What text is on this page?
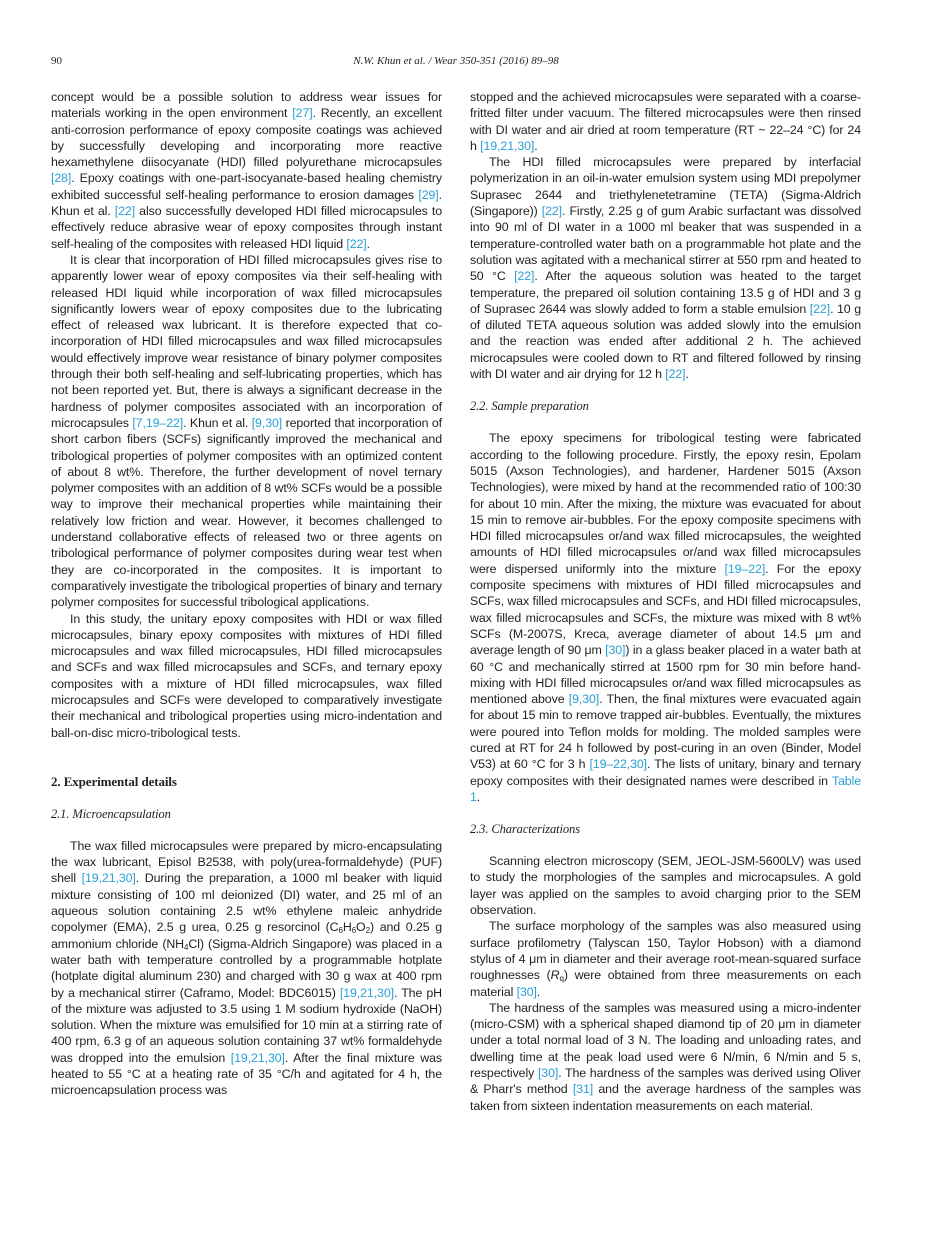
90	N.W. Khun et al. / Wear 350-351 (2016) 89–98

concept would be a possible solution to address wear issues for materials working in the open environment [27]. Recently, an excellent anti-corrosion performance of epoxy composite coatings was achieved by successfully developing and incorporating more reactive hexamethylene diisocyanate (HDI) filled polyurethane microcapsules [28]. Epoxy coatings with one-part-isocyanate-based healing chemistry exhibited successful self-healing performance to erosion damages [29]. Khun et al. [22] also successfully developed HDI filled microcapsules to effectively reduce abrasive wear of epoxy composites through instant self-healing of the composites with released HDI liquid [22].

It is clear that incorporation of HDI filled microcapsules gives rise to apparently lower wear of epoxy composites via their self-healing with released HDI liquid while incorporation of wax filled microcapsules significantly lowers wear of epoxy composites due to the lubricating effect of released wax lubricant. It is therefore expected that co-incorporation of HDI filled microcapsules and wax filled microcapsules would effectively improve wear resistance of binary polymer composites through their both self-healing and self-lubricating properties, which has not been reported yet. But, there is always a significant decrease in the hardness of polymer composites associated with an incorporation of microcapsules [7,19–22]. Khun et al. [9,30] reported that incorporation of short carbon fibers (SCFs) significantly improved the mechanical and tribological properties of polymer composites with an optimized content of about 8 wt%. Therefore, the further development of novel ternary polymer composites with an addition of 8 wt% SCFs would be a possible way to improve their mechanical properties while maintaining their relatively low friction and wear. However, it becomes challenged to understand collaborative effects of released two or three agents on tribological performance of polymer composites during wear test when they are co-incorporated in the composites. It is important to comparatively investigate the tribological properties of binary and ternary polymer composites for successful tribological applications.

In this study, the unitary epoxy composites with HDI or wax filled microcapsules, binary epoxy composites with mixtures of HDI filled microcapsules and wax filled microcapsules, HDI filled microcapsules and SCFs and wax filled microcapsules and SCFs, and ternary epoxy composites with a mixture of HDI filled microcapsules, wax filled microcapsules and SCFs were developed to comparatively investigate their mechanical and tribological properties using micro-indentation and ball-on-disc micro-tribological tests.

2. Experimental details
2.1. Microencapsulation

The wax filled microcapsules were prepared by micro-encapsulating the wax lubricant, Episol B2538, with poly(urea-formaldehyde) (PUF) shell [19,21,30]. During the preparation, a 1000 ml beaker with liquid mixture consisting of 100 ml deionized (DI) water, and 25 ml of an aqueous solution containing 2.5 wt% ethylene maleic anhydride copolymer (EMA), 2.5 g urea, 0.25 g resorcinol $(C_6H_6O_2)$ and 0.25 g ammonium chloride $(NH_4Cl)$ (Sigma-Aldrich Singapore) was placed in a water bath with temperature controlled by a programmable hotplate (hotplate digital aluminum 230) and charged with 30 g wax at 400 rpm by a mechanical stirrer (Caframo, Model: BDC6015) [19,21,30]. The pH of the mixture was adjusted to 3.5 using 1 M sodium hydroxide (NaOH) solution. When the mixture was emulsified for 10 min at a stirring rate of 400 rpm, 6.3 g of an aqueous solution containing 37 wt% formaldehyde was dropped into the emulsion [19,21,30]. After the final mixture was heated to 55 °C at a heating rate of 35 °C/h and agitated for 4 h, the microencapsulation process was

stopped and the achieved microcapsules were separated with a coarse-fritted filter under vacuum. The filtered microcapsules were then rinsed with DI water and air dried at room temperature (RT ~ 22–24 °C) for 24 h [19,21,30].

The HDI filled microcapsules were prepared by interfacial polymerization in an oil-in-water emulsion system using MDI prepolymer Suprasec 2644 and triethylenetetramine (TETA) (Sigma-Aldrich (Singapore)) [22]. Firstly, 2.25 g of gum Arabic surfactant was dissolved into 90 ml of DI water in a 1000 ml beaker that was suspended in a temperature-controlled water bath on a programmable hot plate and the solution was agitated with a mechanical stirrer at 550 rpm and heated to 50 °C [22]. After the aqueous solution was heated to the target temperature, the prepared oil solution containing 13.5 g of HDI and 3 g of Suprasec 2644 was slowly added to form a stable emulsion [22]. 10 g of diluted TETA aqueous solution was added slowly into the emulsion and the reaction was ended after additional 2 h. The achieved microcapsules were cooled down to RT and filtered followed by rinsing with DI water and air drying for 12 h [22].

2.2. Sample preparation

The epoxy specimens for tribological testing were fabricated according to the following procedure. Firstly, the epoxy resin, Epolam 5015 (Axson Technologies), and hardener, Hardener 5015 (Axson Technologies), were mixed by hand at the recommended ratio of 100:30 for about 10 min. After the mixing, the mixture was evacuated for about 15 min to remove air-bubbles. For the epoxy composite specimens with HDI filled microcapsules or/and wax filled microcapsules, the weighted amounts of HDI filled microcapsules or/and wax filled microcapsules were dispersed uniformly into the mixture [19–22]. For the epoxy composite specimens with mixtures of HDI filled microcapsules and SCFs, wax filled microcapsules and SCFs, and HDI filled microcapsules, wax filled microcapsules and SCFs, the mixture was mixed with 8 wt% SCFs (M-2007S, Kreca, average diameter of about 14.5 μm and average length of 90 μm [30]) in a glass beaker placed in a water bath at 60 °C and mechanically stirred at 1500 rpm for 30 min before hand-mixing with HDI filled microcapsules or/and wax filled microcapsules as mentioned above [9,30]. Then, the final mixtures were evacuated again for about 15 min to remove trapped air-bubbles. Eventually, the mixtures were poured into Teflon molds for molding. The molded samples were cured at RT for 24 h followed by post-curing in an oven (Binder, Model V53) at 60 °C for 3 h [19–22,30]. The lists of unitary, binary and ternary epoxy composites with their designated names were described in Table 1.

2.3. Characterizations

Scanning electron microscopy (SEM, JEOL-JSM-5600LV) was used to study the morphologies of the samples and microcapsules. A gold layer was applied on the samples to avoid charging prior to the SEM observation.

The surface morphology of the samples was also measured using surface profilometry (Talyscan 150, Taylor Hobson) with a diamond stylus of 4 μm in diameter and their average root-mean-squared surface roughnesses $(R_q)$ were obtained from three measurements on each material [30].

The hardness of the samples was measured using a micro-indenter (micro-CSM) with a spherical shaped diamond tip of 20 μm in diameter under a total normal load of 3 N. The loading and unloading rates, and dwelling time at the peak load used were 6 N/min, 6 N/min and 5 s, respectively [30]. The hardness of the samples was derived using Oliver & Pharr's method [31] and the average hardness of the samples was taken from sixteen indentation measurements on each material.
